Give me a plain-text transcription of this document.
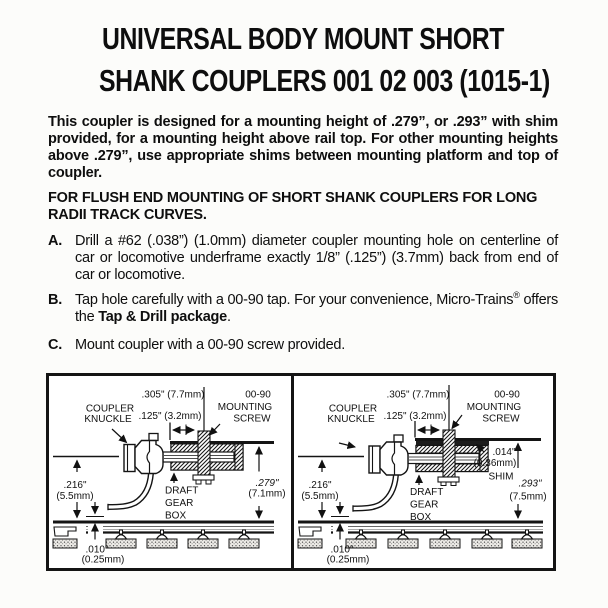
UNIVERSAL BODY MOUNT SHORT
SHANK COUPLERS 001 02 003 (1015-1)

This coupler is designed for a mounting height of .279”, or .293” with shim provided, for a mounting height above rail top. For other mounting heights above .279”, use appropriate shims between mounting platform and top of coupler.

FOR FLUSH END MOUNTING OF SHORT SHANK COUPLERS FOR LONG RADII TRACK CURVES.

A. Drill a #62 (.038”) (1.0mm) diameter coupler mounting hole on centerline of car or locomotive underframe exactly 1/8” (.125”) (3.7mm) back from end of car or locomotive.
B. Tap hole carefully with a 00-90 tap. For your convenience, Micro-Trains® offers the Tap & Drill package.
C. Mount coupler with a 00-90 screw provided.
.305" (7.7mm)
.125" (3.2mm)
00-90
MOUNTING
SCREW
COUPLER
KNUCKLE
.216"
(5.5mm)	DRAFT
GEAR
BOX
.279"
(7.1mm)
.010"
(0.25mm)
.305" (7.7mm)
.125" (3.2mm)
00-90
MOUNTING
SCREW
COUPLER
KNUCKLE
.216"
(5.5mm)	DRAFT
GEAR
BOX
.014"
(0.36mm)
SHIM
.293"
(7.5mm)
.010"
(0.25mm)
